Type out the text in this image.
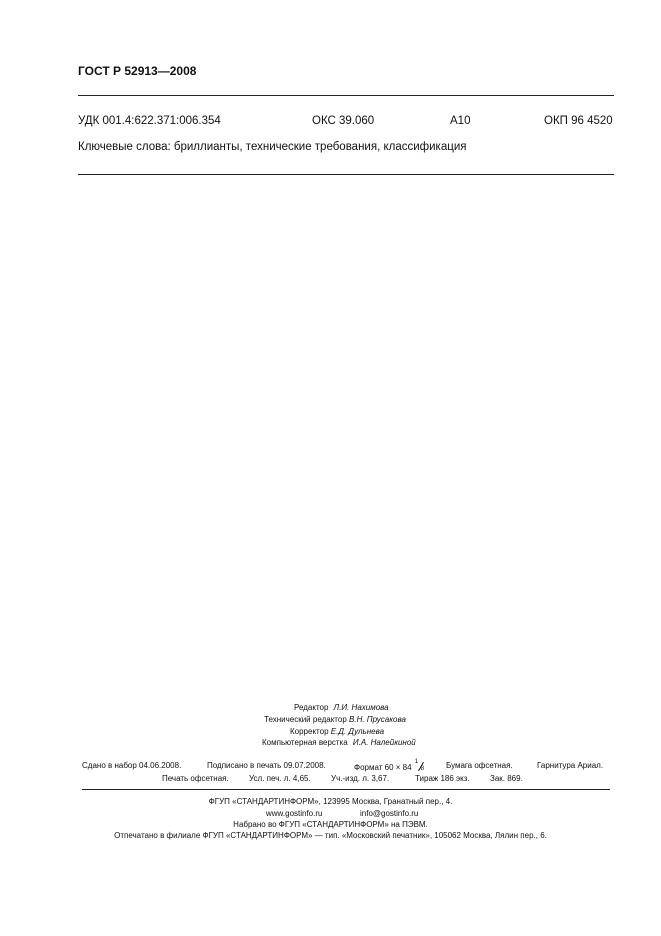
ГОСТ Р 52913—2008
УДК 001.4:622.371:006.354	ОКС 39.060	А10	ОКП 96 4520
Ключевые слова: бриллианты, технические требования, классификация
Редактор Л.И. Нахимова
Технический редактор В.Н. Прусакова
Корректор Е.Д. Дульнева
Компьютерная верстка И.А. Налейкиной
Сдано в набор 04.06.2008.	Подписано в печать 09.07.2008.	Формат 60 × 84
1
8	Бумага офсетная.	Гарнитура Ариал.
Печать офсетная.	Усл. печ. л. 4,65.	Уч.-изд. л. 3,67.	Тираж 186 экз.	Зак. 869.
ФГУП «СТАНДАРТИНФОРМ», 123995 Москва, Гранатный пер., 4.
www.gostinfo.ru	info@gostinfo.ru
Набрано во ФГУП «СТАНДАРТИНФОРМ» на ПЭВМ.
Отпечатано в филиале ФГУП «СТАНДАРТИНФОРМ» — тип. «Московский печатник», 105062 Москва, Лялин пер., 6.
